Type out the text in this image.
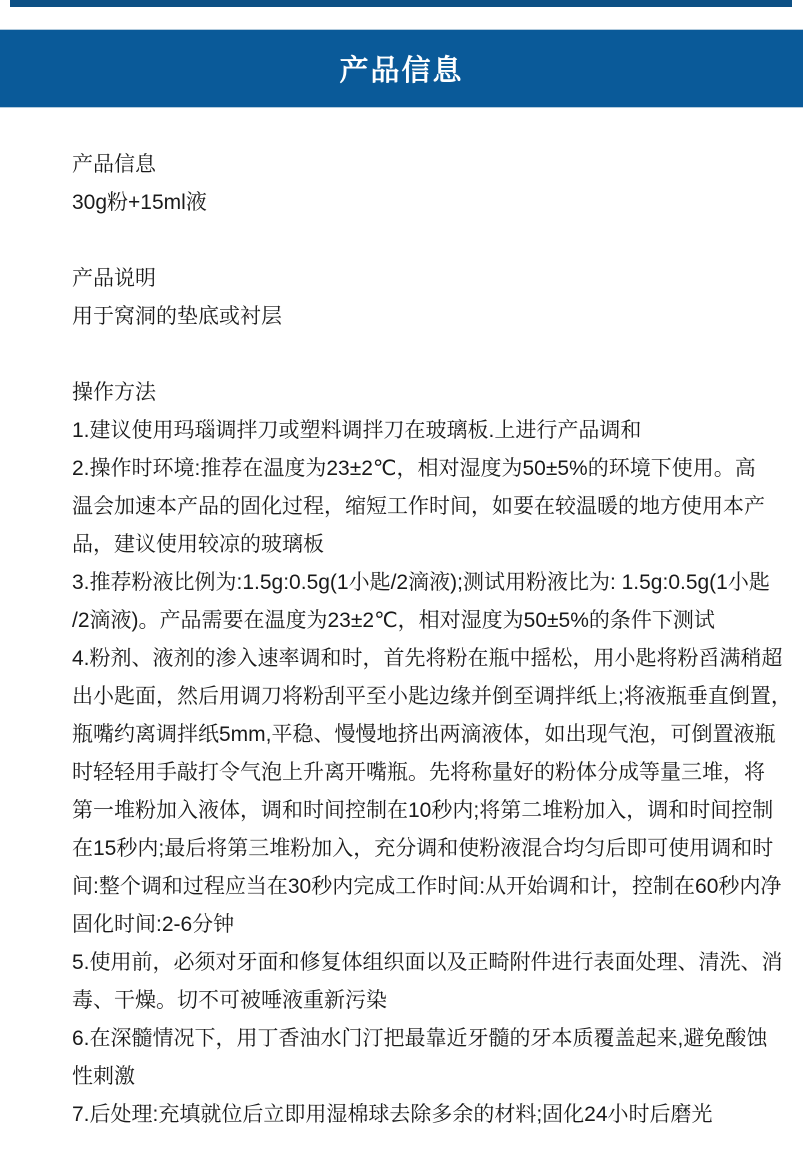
产品信息
产品信息
30g粉+15ml液
产品说明
用于窝洞的垫底或衬层
操作方法
1.建议使用玛瑙调拌刀或塑料调拌刀在玻璃板.上进行产品调和
2.操作时环境:推荐在温度为23±2℃，相对湿度为50±5%的环境下使用。高
温会加速本产品的固化过程，缩短工作时间，如要在较温暖的地方使用本产
品，建议使用较凉的玻璃板
3.推荐粉液比例为:1.5g:0.5g(1小匙/2滴液);测试用粉液比为: 1.5g:0.5g(1小匙
/2滴液)。产品需要在温度为23±2℃，相对湿度为50±5%的条件下测试
4.粉剂、液剂的渗入速率调和时，首先将粉在瓶中摇松，用小匙将粉舀满稍超
出小匙面，然后用调刀将粉刮平至小匙边缘并倒至调拌纸上;将液瓶垂直倒置，
瓶嘴约离调拌纸5mm,平稳、慢慢地挤出两滴液体，如出现气泡，可倒置液瓶
时轻轻用手敲打令气泡上升离开嘴瓶。先将称量好的粉体分成等量三堆，将
第一堆粉加入液体，调和时间控制在10秒内;将第二堆粉加入，调和时间控制
在15秒内;最后将第三堆粉加入，充分调和使粉液混合均匀后即可使用调和时
间:整个调和过程应当在30秒内完成工作时间:从开始调和计，控制在60秒内净
固化时间:2-6分钟
5.使用前，必须对牙面和修复体组织面以及正畸附件进行表面处理、清洗、消
毒、干燥。切不可被唾液重新污染
6.在深髓情况下，用丁香油水门汀把最靠近牙髓的牙本质覆盖起来,避免酸蚀
性刺激
7.后处理:充填就位后立即用湿棉球去除多余的材料;固化24小时后磨光
